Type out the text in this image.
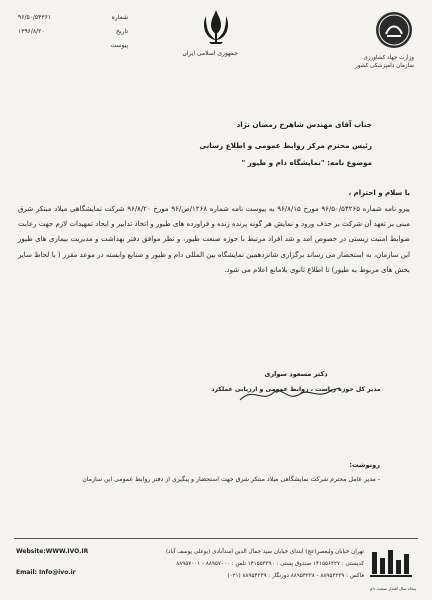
شماره
۹۶/۵۰/۵۴۳۶۱
تاریخ
۱۳۹۶/۸/۲۰
پیوست
جمهوری اسلامی ایران
وزارت جهاد کشاورزی
سازمان دامپزشکی کشور
جناب آقای مهندس شاهرخ رمضان نژاد
رئیس محترم مرکز روابط عمومی و اطلاع رسانی
موضوع نامه: "نمایشگاه دام و طیور "
با سلام و احترام ،
پیرو نامه شماره ۹۶/۵۰/۵۴۲۶۵ مورخ ۹۶/۸/۱۵ به پیوست نامه شماره ۱۲۶۸/ص/۹۶ مورخ ۹۶/۸/۲۰ شرکت نمایشگاهی میلاد مبتکر شرق مبنی بر تعهد آن شرکت بر حذف ورود و نمایش هر گونه پرنده زنده و فراورده های طیور و اتخاذ تدابیر و ایجاد تمهیدات لازم جهت رعایت ضوابط امنیت زیستی در خصوص امد و شد افراد مرتبط با حوزه صنعت طیور، و نظر موافق دفتر بهداشت و مدیریت بیماری های طیور این سازمان، به استحضار می رساند برگزاری شانزدهمین نمایشگاه بین المللی دام و طیور و صنایع وابسته در موعد مقرر ( با لحاظ سایر بخش های مربوط به طیور) تا اطلاع ثانوی بلامانع اعلام می شود.
دکتر مسعود سواری
مدیر کل حوزه ریاست ، روابط عمومی و ارزیابی عملکرد
رونوشت:
- مدیر عامل محترم شرکت نمایشگاهی میلاد مبتکر شرق جهت استحضار و پیگیری از دفتر روابط عمومی این سازمان
Website:WWW.IVO.IR
Email: Info@ivo.ir
تهران خیابان ولیعصر(عج) ابتدای خیابان سید جمال الدین اسدآبادی (بوعلی یوسف آباد)
کدپستی : ۱۴۱۵۵۶۲۲۷ صندوق پستی : ۱۴۱۵۵۳۳۹۰ تلفن : ۸۸۹۵۷۰۰۰ - ۸۸۹۵۷۰۰۱
فاکس : ۸۸۹۵۴۲۳۹ - ۸۸۹۵۴۲۳۸ دورنگار : ۸۸۹۵۴۲۳۹ (۰۲۱)
پنجاه سال اقتدار صنعت دام
